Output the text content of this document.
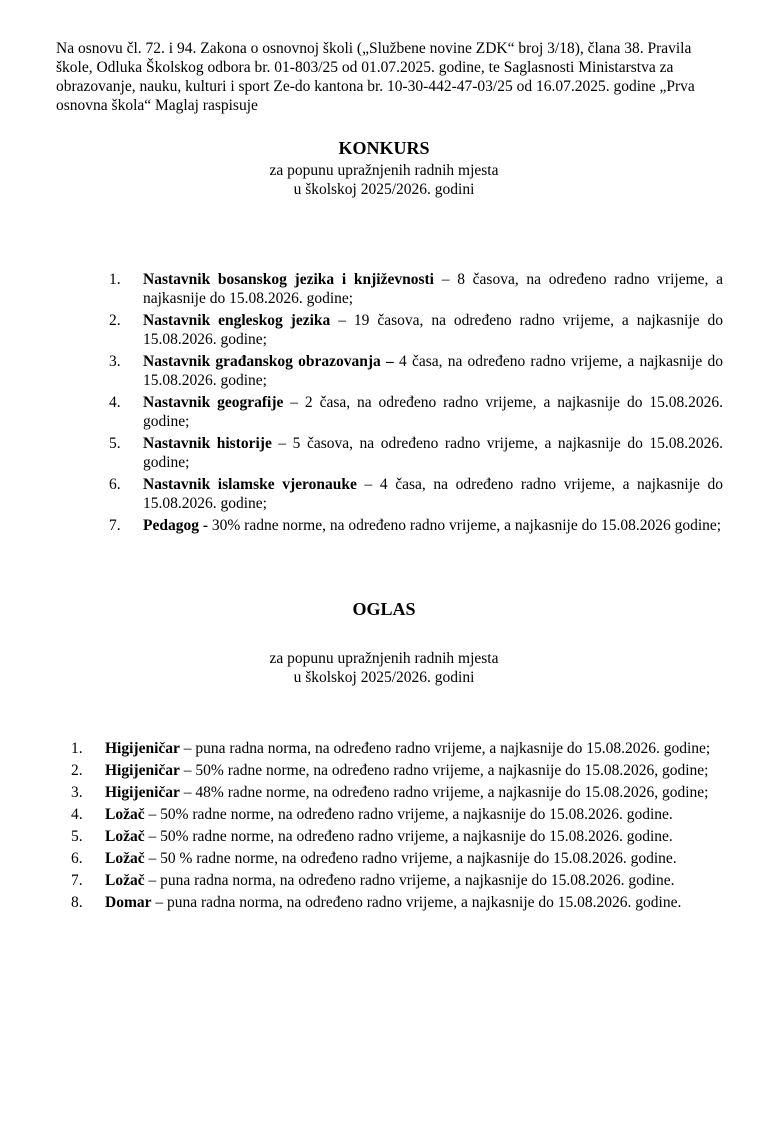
Na osnovu čl. 72. i 94. Zakona o osnovnoj školi („Službene novine ZDK“ broj 3/18), člana 38. Pravila škole, Odluka Školskog odbora br. 01-803/25 od 01.07.2025. godine, te Saglasnosti Ministarstva za obrazovanje, nauku, kulturi i sport Ze-do kantona br. 10-30-442-47-03/25 od 16.07.2025. godine „Prva osnovna škola“ Maglaj raspisuje
KONKURS
za popunu upražnjenih radnih mjesta
u školskoj 2025/2026. godini
1.	Nastavnik bosanskog jezika i književnosti – 8 časova, na određeno radno vrijeme, a najkasnije do 15.08.2026. godine;
2.	Nastavnik engleskog jezika – 19 časova, na određeno radno vrijeme, a najkasnije do 15.08.2026. godine;
3.	Nastavnik građanskog obrazovanja – 4 časa, na određeno radno vrijeme, a najkasnije do 15.08.2026. godine;
4.	Nastavnik geografije – 2 časa, na određeno radno vrijeme, a najkasnije do 15.08.2026. godine;
5.	Nastavnik historije – 5 časova, na određeno radno vrijeme, a najkasnije do 15.08.2026. godine;
6.	Nastavnik islamske vjeronauke – 4 časa, na određeno radno vrijeme, a najkasnije do 15.08.2026. godine;
7.	Pedagog - 30% radne norme, na određeno radno vrijeme, a najkasnije do 15.08.2026 godine;
OGLAS
za popunu upražnjenih radnih mjesta
u školskoj 2025/2026. godini
1.	Higijeničar – puna radna norma, na određeno radno vrijeme, a najkasnije do 15.08.2026. godine;
2.	Higijeničar – 50% radne norme, na određeno radno vrijeme, a najkasnije do 15.08.2026, godine;
3.	Higijeničar – 48% radne norme, na određeno radno vrijeme, a najkasnije do 15.08.2026, godine;
4.	Ložač – 50% radne norme, na određeno radno vrijeme, a najkasnije do 15.08.2026. godine.
5.	Ložač – 50% radne norme, na određeno radno vrijeme, a najkasnije do 15.08.2026. godine.
6.	Ložač – 50 % radne norme, na određeno radno vrijeme, a najkasnije do 15.08.2026. godine.
7.	Ložač – puna radna norma, na određeno radno vrijeme, a najkasnije do 15.08.2026. godine.
8.	Domar – puna radna norma, na određeno radno vrijeme, a najkasnije do 15.08.2026. godine.
